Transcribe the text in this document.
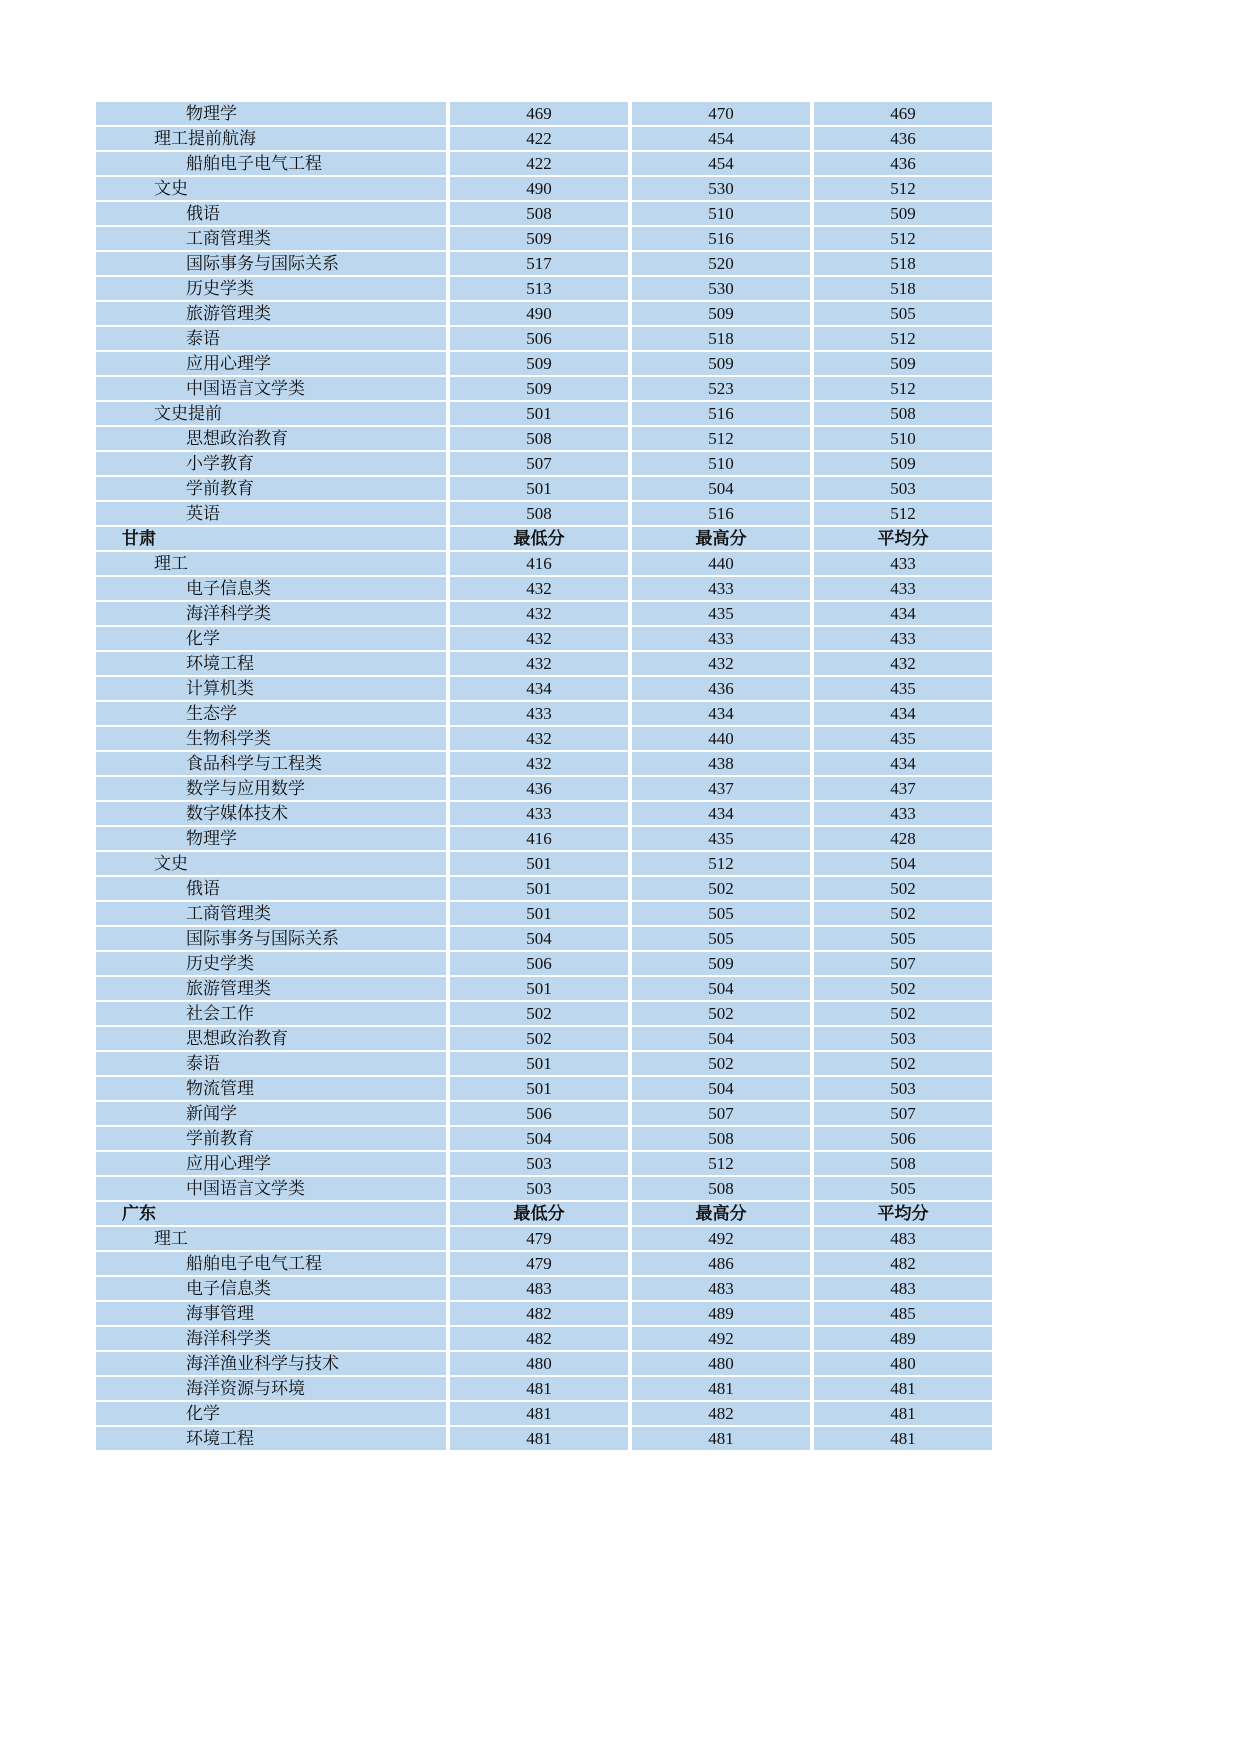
物理学	469	470	469
理工提前航海	422	454	436
船舶电子电气工程	422	454	436
文史	490	530	512
俄语	508	510	509
工商管理类	509	516	512
国际事务与国际关系	517	520	518
历史学类	513	530	518
旅游管理类	490	509	505
泰语	506	518	512
应用心理学	509	509	509
中国语言文学类	509	523	512
文史提前	501	516	508
思想政治教育	508	512	510
小学教育	507	510	509
学前教育	501	504	503
英语	508	516	512
甘肃	最低分	最高分	平均分
理工	416	440	433
电子信息类	432	433	433
海洋科学类	432	435	434
化学	432	433	433
环境工程	432	432	432
计算机类	434	436	435
生态学	433	434	434
生物科学类	432	440	435
食品科学与工程类	432	438	434
数学与应用数学	436	437	437
数字媒体技术	433	434	433
物理学	416	435	428
文史	501	512	504
俄语	501	502	502
工商管理类	501	505	502
国际事务与国际关系	504	505	505
历史学类	506	509	507
旅游管理类	501	504	502
社会工作	502	502	502
思想政治教育	502	504	503
泰语	501	502	502
物流管理	501	504	503
新闻学	506	507	507
学前教育	504	508	506
应用心理学	503	512	508
中国语言文学类	503	508	505
广东	最低分	最高分	平均分
理工	479	492	483
船舶电子电气工程	479	486	482
电子信息类	483	483	483
海事管理	482	489	485
海洋科学类	482	492	489
海洋渔业科学与技术	480	480	480
海洋资源与环境	481	481	481
化学	481	482	481
环境工程	481	481	481
